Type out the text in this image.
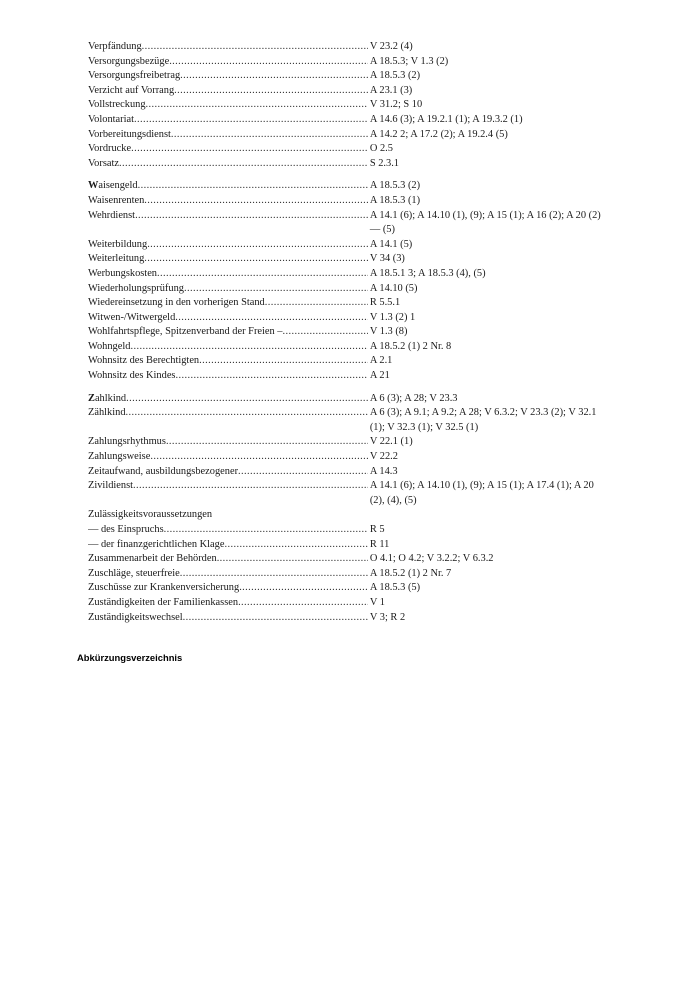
Verpfändung .....	V 23.2 (4)
Versorgungsbezüge .....	A 18.5.3; V 1.3 (2)
Versorgungsfreibetrag .....	A 18.5.3 (2)
Verzicht auf Vorrang .....	A 23.1 (3)
Vollstreckung .....	V 31.2; S 10
Volontariat .....	A 14.6 (3); A 19.2.1 (1); A 19.3.2 (1)
Vorbereitungsdienst .....	A 14.2 2; A 17.2 (2); A 19.2.4 (5)
Vordrucke .....	O 2.5
Vorsatz .....	S 2.3.1
Waisengeld .....	A 18.5.3 (2)
Waisenrenten .....	A 18.5.3 (1)
Wehrdienst .....	A 14.1 (6); A 14.10 (1), (9); A 15 (1); A 16 (2); A 20 (2) — (5)
Weiterbildung .....	A 14.1 (5)
Weiterleitung .....	V 34 (3)
Werbungskosten .....	A 18.5.1 3; A 18.5.3 (4), (5)
Wiederholungsprüfung .....	A 14.10 (5)
Wiedereinsetzung in den vorherigen Stand .....	R 5.5.1
Witwen-/Witwergeld .....	V 1.3 (2) 1
Wohlfahrtspflege, Spitzenverband der Freien – .....	V 1.3 (8)
Wohngeld .....	A 18.5.2 (1) 2 Nr. 8
Wohnsitz des Berechtigten .....	A 2.1
Wohnsitz des Kindes .....	A 21
Zahlkind .....	A 6 (3); A 28; V 23.3
Zählkind .....	A 6 (3); A 9.1; A 9.2; A 28; V 6.3.2; V 23.3 (2); V 32.1 (1); V 32.3 (1); V 32.5 (1)
Zahlungsrhythmus .....	V 22.1 (1)
Zahlungsweise .....	V 22.2
Zeitaufwand, ausbildungsbezogener .....	A 14.3
Zivildienst .....	A 14.1 (6); A 14.10 (1), (9); A 15 (1); A 17.4 (1); A 20 (2), (4), (5)
Zulässigkeitsvoraussetzungen
— des Einspruchs .....	R 5
— der finanzgerichtlichen Klage .....	R 11
Zusammenarbeit der Behörden .....	O 4.1; O 4.2; V 3.2.2; V 6.3.2
Zuschläge, steuerfreie .....	A 18.5.2 (1) 2 Nr. 7
Zuschüsse zur Krankenversicherung .....	A 18.5.3 (5)
Zuständigkeiten der Familienkassen .....	V 1
Zuständigkeitswechsel .....	V 3; R 2
Abkürzungsverzeichnis
